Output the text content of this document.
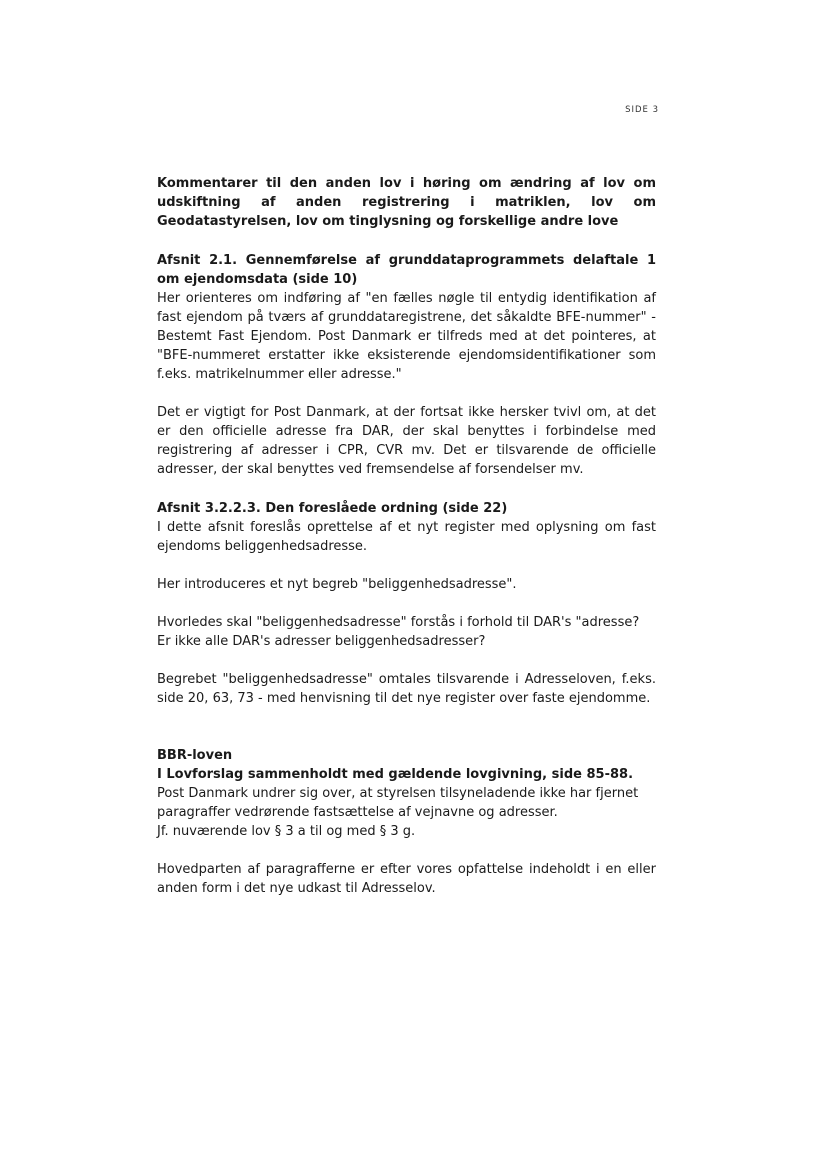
SIDE 3

Kommentarer til den anden lov i høring om ændring af lov om udskiftning af anden registrering i matriklen, lov om Geodatastyrelsen, lov om tinglysning og forskellige andre love

Afsnit 2.1. Gennemførelse af grunddataprogrammets delaftale 1 om ejendomsdata (side 10)

Her orienteres om indføring af "en fælles nøgle til entydig identifikation af fast ejendom på tværs af grunddataregistrene, det såkaldte BFE-nummer" - Bestemt Fast Ejendom. Post Danmark er tilfreds med at det pointeres, at "BFE-nummeret erstatter ikke eksisterende ejendomsidentifikationer som f.eks. matrikelnummer eller adresse."

Det er vigtigt for Post Danmark, at der fortsat ikke hersker tvivl om, at det er den officielle adresse fra DAR, der skal benyttes i forbindelse med registrering af adresser i CPR, CVR mv. Det er tilsvarende de officielle adresser, der skal benyttes ved fremsendelse af forsendelser mv.

Afsnit 3.2.2.3. Den foreslåede ordning (side 22)

I dette afsnit foreslås oprettelse af et nyt register med oplysning om fast ejendoms beliggenhedsadresse.

Her introduceres et nyt begreb "beliggenhedsadresse".

Hvorledes skal "beliggenhedsadresse" forstås i forhold til DAR's "adresse?

Er ikke alle DAR's adresser beliggenhedsadresser?

Begrebet "beliggenhedsadresse" omtales tilsvarende i Adresseloven, f.eks. side 20, 63, 73 - med henvisning til det nye register over faste ejendomme.

BBR-loven

I Lovforslag sammenholdt med gældende lovgivning, side 85-88.

Post Danmark undrer sig over, at styrelsen tilsyneladende ikke har fjernet paragraffer vedrørende fastsættelse af vejnavne og adresser.

Jf. nuværende lov § 3 a til og med § 3 g.

Hovedparten af paragrafferne er efter vores opfattelse indeholdt i en eller anden form i det nye udkast til Adresselov.
